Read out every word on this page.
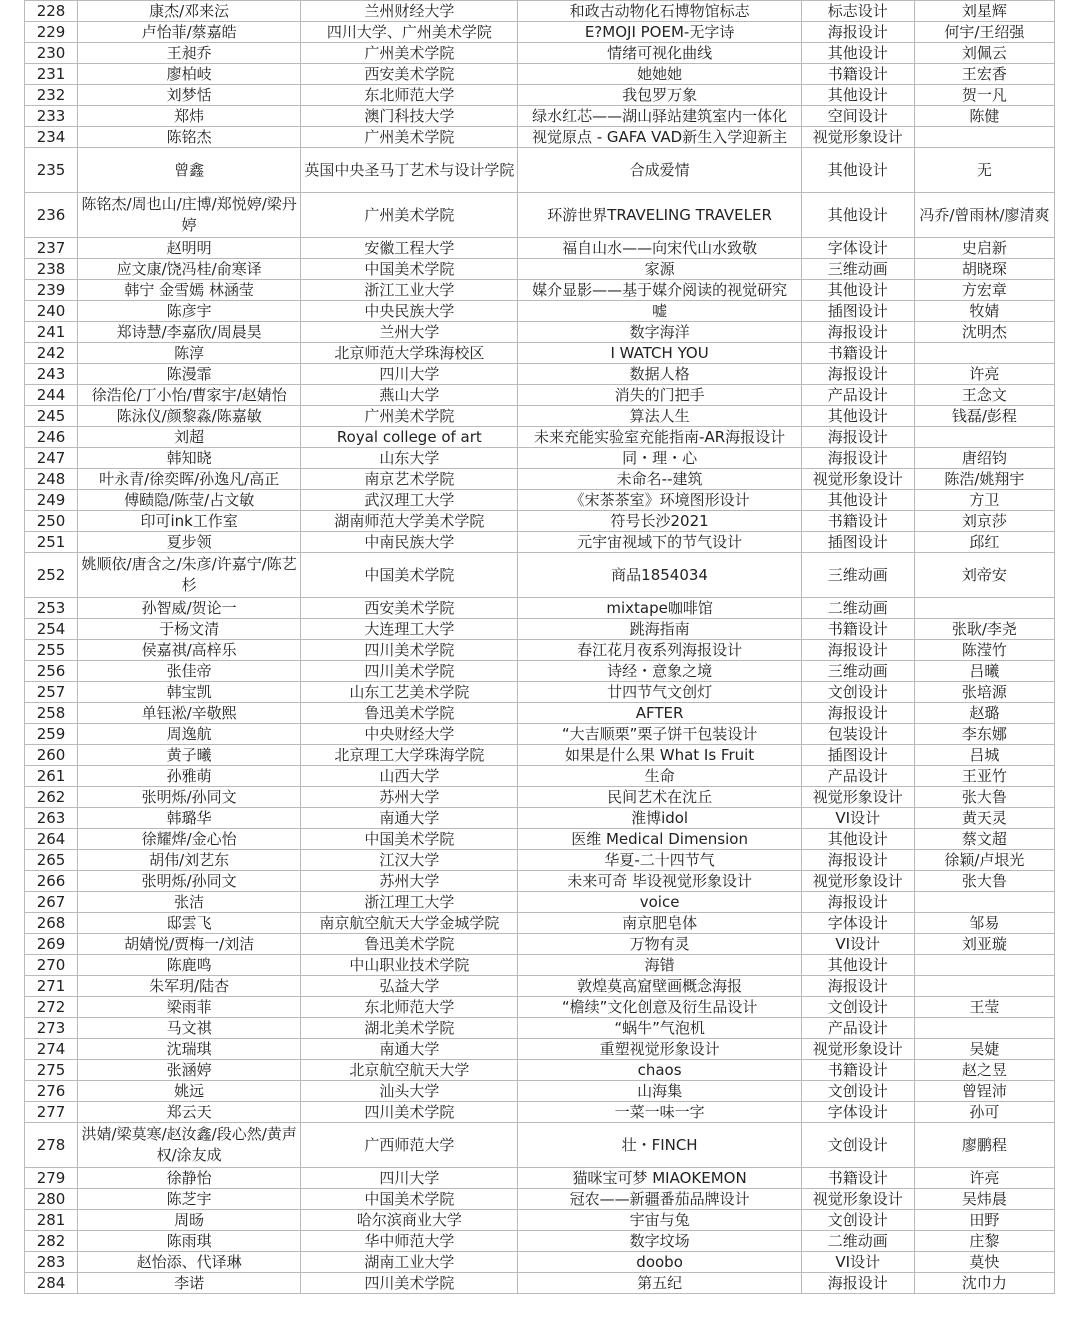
228	康杰/邓来沄	兰州财经大学	和政古动物化石博物馆标志	标志设计	刘星辉
229	卢怡菲/蔡嘉皓	四川大学、广州美术学院	E?MOJI POEM-无字诗	海报设计	何宇/王绍强
230	王昶乔	广州美术学院	情绪可视化曲线	其他设计	刘佩云
231	廖柏岐	西安美术学院	她她她	书籍设计	王宏香
232	刘梦恬	东北师范大学	我包罗万象	其他设计	贺一凡
233	郑炜	澳门科技大学	绿水红芯——湖山驿站建筑室内一体化	空间设计	陈健
234	陈铭杰	广州美术学院	视觉原点 - GAFA VAD新生入学迎新主	视觉形象设计	
235	曾鑫	英国中央圣马丁艺术与设计学院	合成爱情	其他设计	无
236	陈铭杰/周也山/庄博/郑悦婷/梁丹婷	广州美术学院	环游世界TRAVELING TRAVELER	其他设计	冯乔/曾雨林/廖清爽
237	赵明明	安徽工程大学	福自山水——向宋代山水致敬	字体设计	史启新
238	应文康/饶冯桂/俞寒译	中国美术学院	家源	三维动画	胡晓琛
239	韩宁 金雪嫣 林涵莹	浙江工业大学	媒介显影——基于媒介阅读的视觉研究	其他设计	方宏章
240	陈彦宇	中央民族大学	嘘	插图设计	牧婧
241	郑诗慧/李嘉欣/周晨昊	兰州大学	数字海洋	海报设计	沈明杰
242	陈淳	北京师范大学珠海校区	I WATCH YOU	书籍设计	
243	陈漫霏	四川大学	数据人格	海报设计	许亮
244	徐浩伦/丁小怡/曹家宇/赵婧怡	燕山大学	消失的门把手	产品设计	王念文
245	陈泳仪/颜黎淼/陈嘉敏	广州美术学院	算法人生	其他设计	钱磊/彭程
246	刘超	Royal college of art	未来充能实验室充能指南-AR海报设计	海报设计	
247	韩知晓	山东大学	同・理・心	海报设计	唐绍钧
248	叶永青/徐奕晖/孙逸凡/高正	南京艺术学院	未命名--建筑	视觉形象设计	陈浩/姚翔宇
249	傅赜隐/陈莹/占文敏	武汉理工大学	《宋茶茶室》环境图形设计	其他设计	方卫
250	印可ink工作室	湖南师范大学美术学院	符号长沙2021	书籍设计	刘京莎
251	夏步领	中南民族大学	元宇宙视域下的节气设计	插图设计	邱红
252	姚顺依/唐含之/朱彦/许嘉宁/陈艺杉	中国美术学院	商品1854034	三维动画	刘帝安
253	孙智威/贺论一	西安美术学院	mixtape咖啡馆	二维动画	
254	于杨文清	大连理工大学	跳海指南	书籍设计	张耿/李尧
255	侯嘉祺/高梓乐	四川美术学院	春江花月夜系列海报设计	海报设计	陈滢竹
256	张佳帝	四川美术学院	诗经・意象之境	三维动画	吕曦
257	韩宝凯	山东工艺美术学院	廿四节气文创灯	文创设计	张培源
258	单钰淞/辛敬熙	鲁迅美术学院	AFTER	海报设计	赵璐
259	周逸航	中央财经大学	“大吉顺栗”栗子饼干包装设计	包装设计	李东娜
260	黄子曦	北京理工大学珠海学院	如果是什么果 What Is Fruit	插图设计	吕城
261	孙雅萌	山西大学	生命	产品设计	王亚竹
262	张明烁/孙同文	苏州大学	民间艺术在沈丘	视觉形象设计	张大鲁
263	韩璐华	南通大学	淮博idol	VI设计	黄天灵
264	徐耀烨/金心怡	中国美术学院	医维 Medical Dimension	其他设计	蔡文超
265	胡伟/刘艺东	江汉大学	华夏-二十四节气	海报设计	徐颖/卢垠光
266	张明烁/孙同文	苏州大学	未来可奇 毕设视觉形象设计	视觉形象设计	张大鲁
267	张洁	浙江理工大学	voice	海报设计	
268	邸雲飞	南京航空航天大学金城学院	南京肥皂体	字体设计	邹易
269	胡婧悦/贾梅一/刘洁	鲁迅美术学院	万物有灵	VI设计	刘亚璇
270	陈鹿鸣	中山职业技术学院	海错	其他设计	
271	朱军玥/陆杏	弘益大学	敦煌莫高窟壁画概念海报	海报设计	
272	梁雨菲	东北师范大学	“檐续”文化创意及衍生品设计	文创设计	王莹
273	马文祺	湖北美术学院	“蜗牛”气泡机	产品设计	
274	沈瑞琪	南通大学	重塑视觉形象设计	视觉形象设计	吴婕
275	张涵婷	北京航空航天大学	chaos	书籍设计	赵之昱
276	姚远	汕头大学	山海集	文创设计	曾锃沛
277	郑云天	四川美术学院	一菜一味一字	字体设计	孙可
278	洪婧/梁莫寒/赵汝鑫/段心然/黄声权/涂友成	广西师范大学	壮・FINCH	文创设计	廖鹏程
279	徐静怡	四川大学	猫咪宝可梦 MIAOKEMON	书籍设计	许亮
280	陈芝宇	中国美术学院	冠农——新疆番茄品牌设计	视觉形象设计	吴炜晨
281	周旸	哈尔滨商业大学	宇宙与兔	文创设计	田野
282	陈雨琪	华中师范大学	数字坟场	二维动画	庄黎
283	赵怡添、代译琳	湖南工业大学	doobo	VI设计	莫快
284	李诺	四川美术学院	第五纪	海报设计	沈巾力
